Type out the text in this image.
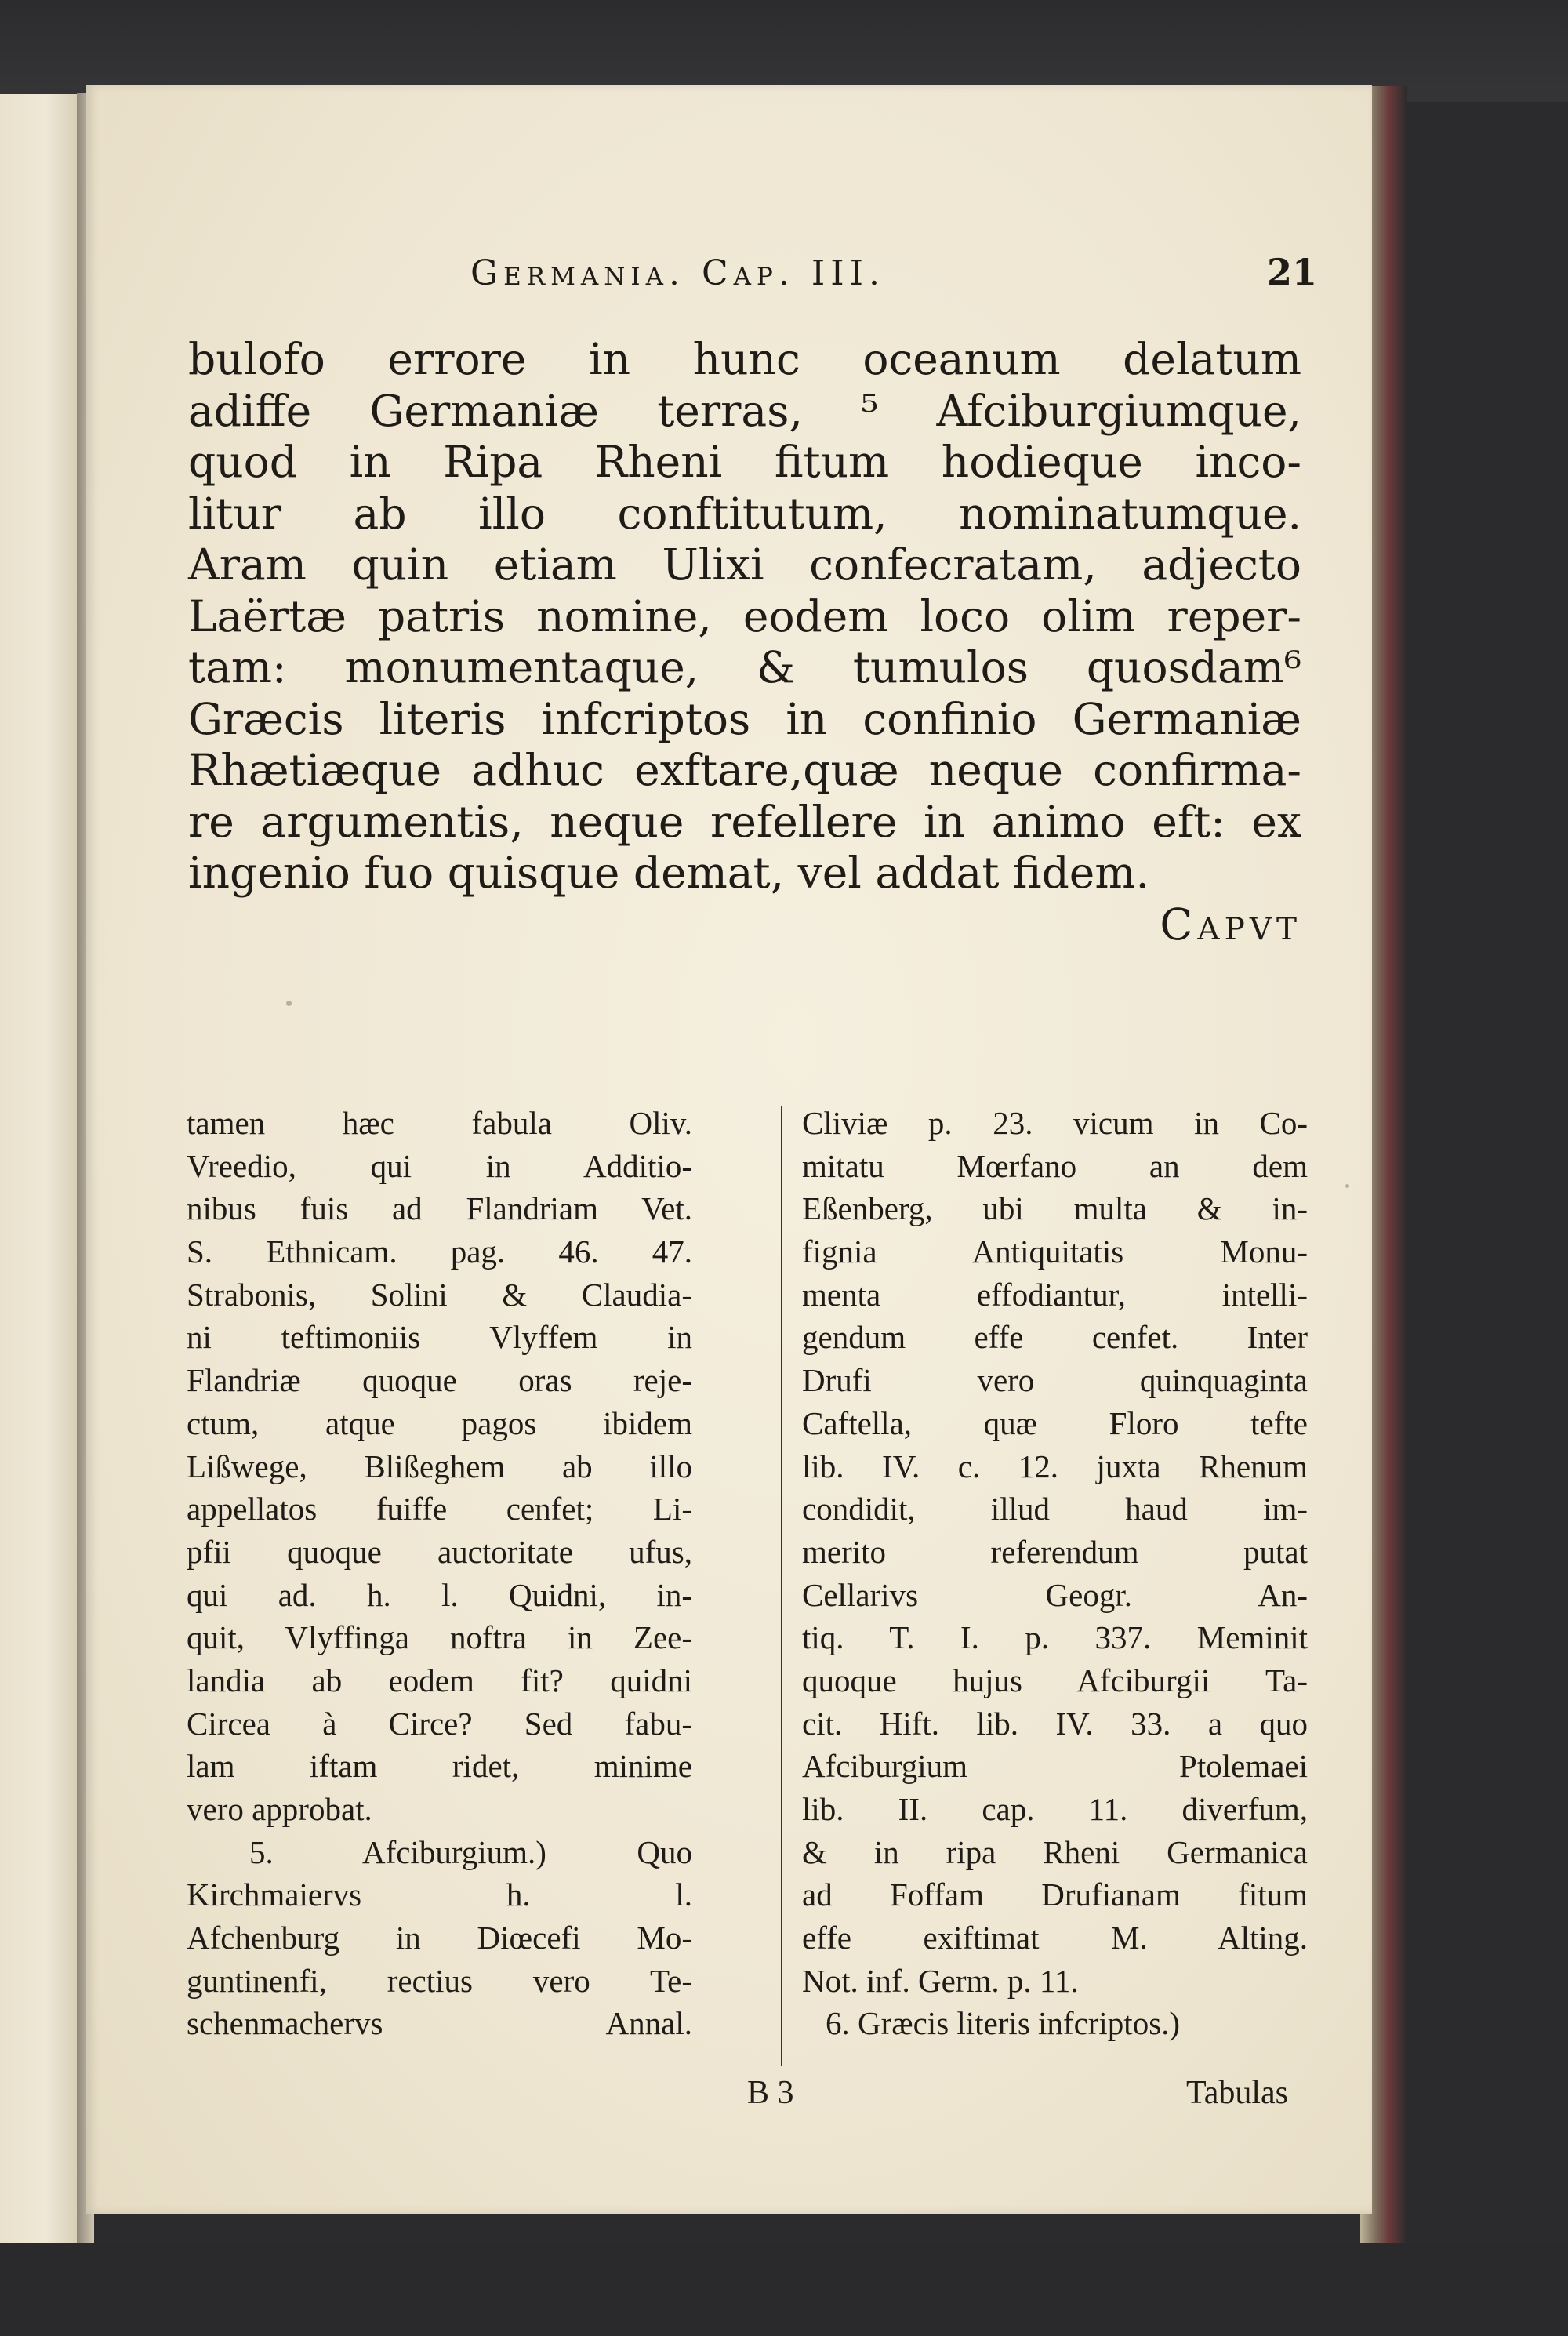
Germania. Cap. III.	21
bulofo errore in hunc oceanum delatum
adiffe Germaniæ terras, ⁵ Afciburgiumque,
quod in Ripa Rheni fitum hodieque inco-
litur ab illo conftitutum, nominatumque.
Aram quin etiam Ulixi confecratam, adjecto
Laërtæ patris nomine, eodem loco olim reper-
tam: monumentaque, & tumulos quosdam⁶
Græcis literis infcriptos in confinio Germaniæ
Rhætiæque adhuc exftare,quæ neque confirma-
re argumentis, neque refellere in animo eft: ex
ingenio fuo quisque demat, vel addat fidem.
Capvt
tamen hæc fabula Oliv.
Vreedio, qui in Additio-
nibus fuis ad Flandriam Vet.
S. Ethnicam. pag. 46. 47.
Strabonis, Solini & Claudia-
ni teftimoniis Vlyffem in
Flandriæ quoque oras reje-
ctum, atque pagos ibidem
Lißwege, Blißeghem ab illo
appellatos fuiffe cenfet; Li-
pfii quoque auctoritate ufus,
qui ad. h. l. Quidni, in-
quit, Vlyffinga noftra in Zee-
landia ab eodem fit? quidni
Circea à Circe? Sed fabu-
lam iftam ridet, minime
vero approbat.
5. Afciburgium.) Quo
Kirchmaiervs h. l.
Afchenburg in Diœcefi Mo-
guntinenfi, rectius vero Te-
schenmachervs Annal.
Cliviæ p. 23. vicum in Co-
mitatu Mœrfano an dem
Eßenberg, ubi multa & in-
fignia Antiquitatis Monu-
menta effodiantur, intelli-
gendum effe cenfet. Inter
Drufi vero quinquaginta
Caftella, quæ Floro tefte
lib. IV. c. 12. juxta Rhenum
condidit, illud haud im-
merito referendum putat
Cellarivs Geogr. An-
tiq. T. I. p. 337. Meminit
quoque hujus Afciburgii Ta-
cit. Hift. lib. IV. 33. a quo
Afciburgium Ptolemaei
lib. II. cap. 11. diverfum,
& in ripa Rheni Germanica
ad Foffam Drufianam fitum
effe exiftimat M. Alting.
Not. inf. Germ. p. 11.
6. Græcis literis infcriptos.)
B 3	Tabulas
